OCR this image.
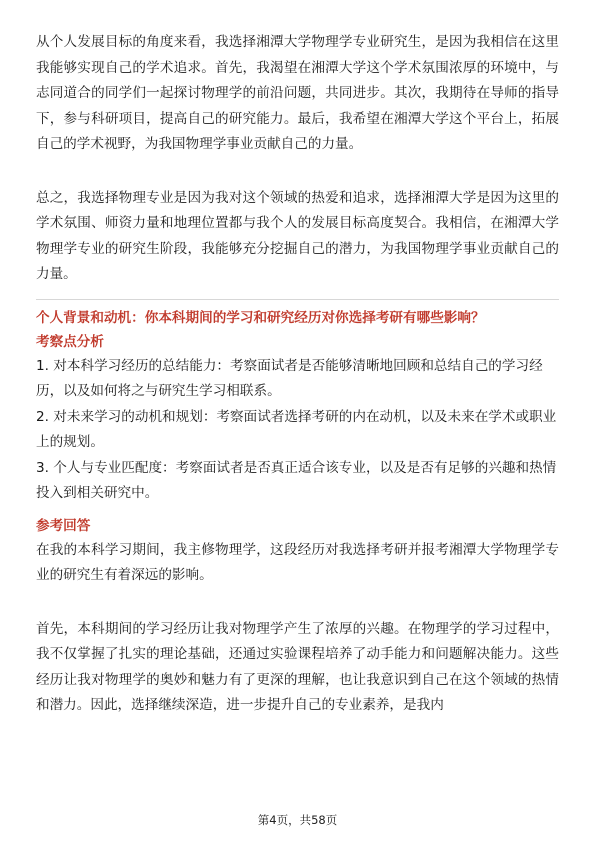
从个人发展目标的角度来看，我选择湘潭大学物理学专业研究生，是因为我相信在这里我能够实现自己的学术追求。首先，我渴望在湘潭大学这个学术氛围浓厚的环境中，与志同道合的同学们一起探讨物理学的前沿问题，共同进步。其次，我期待在导师的指导下，参与科研项目，提高自己的研究能力。最后，我希望在湘潭大学这个平台上，拓展自己的学术视野，为我国物理学事业贡献自己的力量。

总之，我选择物理专业是因为我对这个领域的热爱和追求，选择湘潭大学是因为这里的学术氛围、师资力量和地理位置都与我个人的发展目标高度契合。我相信，在湘潭大学物理学专业的研究生阶段，我能够充分挖掘自己的潜力，为我国物理学事业贡献自己的力量。

个人背景和动机：你本科期间的学习和研究经历对你选择考研有哪些影响？

考察点分析

1. 对本科学习经历的总结能力：考察面试者是否能够清晰地回顾和总结自己的学习经历，以及如何将之与研究生学习相联系。

2. 对未来学习的动机和规划：考察面试者选择考研的内在动机，以及未来在学术或职业上的规划。

3. 个人与专业匹配度：考察面试者是否真正适合该专业，以及是否有足够的兴趣和热情投入到相关研究中。

参考回答

在我的本科学习期间，我主修物理学，这段经历对我选择考研并报考湘潭大学物理学专业的研究生有着深远的影响。

首先，本科期间的学习经历让我对物理学产生了浓厚的兴趣。在物理学的学习过程中，我不仅掌握了扎实的理论基础，还通过实验课程培养了动手能力和问题解决能力。这些经历让我对物理学的奥妙和魅力有了更深的理解，也让我意识到自己在这个领域的热情和潜力。因此，选择继续深造，进一步提升自己的专业素养，是我内

第4页，共58页
